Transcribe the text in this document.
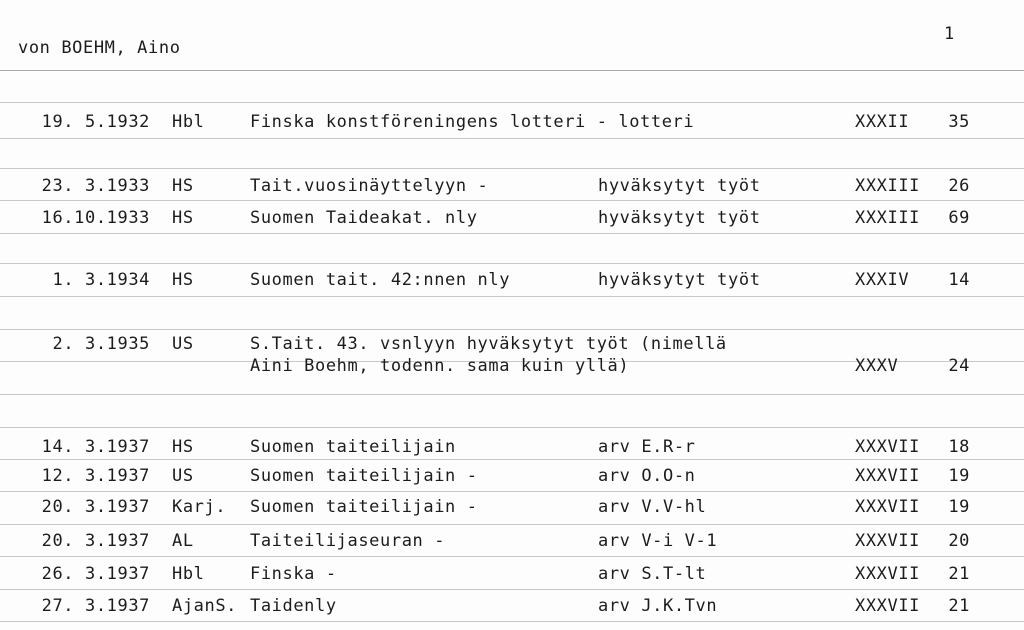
von BOEHM, Aino
1
19. 5.1932 Hbl	Finska konstföreningens lotteri - lotteri	XXXII	35
23. 3.1933 HS	Tait.vuosinäyttelyyn -	hyväksytyt työt	XXXIII	26
16.10.1933 HS	Suomen Taideakat. nly	hyväksytyt työt	XXXIII	69
1. 3.1934 HS	Suomen tait. 42:nnen nly	hyväksytyt työt	XXXIV	14
2. 3.1935 US	S.Tait. 43. vsnlyyn hyväksytyt työt (nimellä
Aini Boehm, todenn. sama kuin yllä)	XXXV	24
14. 3.1937 HS	Suomen taiteilijain	arv E.R-r	XXXVII	18
12. 3.1937 US	Suomen taiteilijain -	arv O.O-n	XXXVII	19
20. 3.1937 Karj. Suomen taiteilijain -	arv V.V-hl	XXXVII	19
20. 3.1937 AL	Taiteilijaseuran -	arv V-i V-1	XXXVII	20
26. 3.1937 Hbl	Finska -	arv S.T-lt	XXXVII	21
27. 3.1937 AjanS. Taidenly	arv J.K.Tvn	XXXVII	21
